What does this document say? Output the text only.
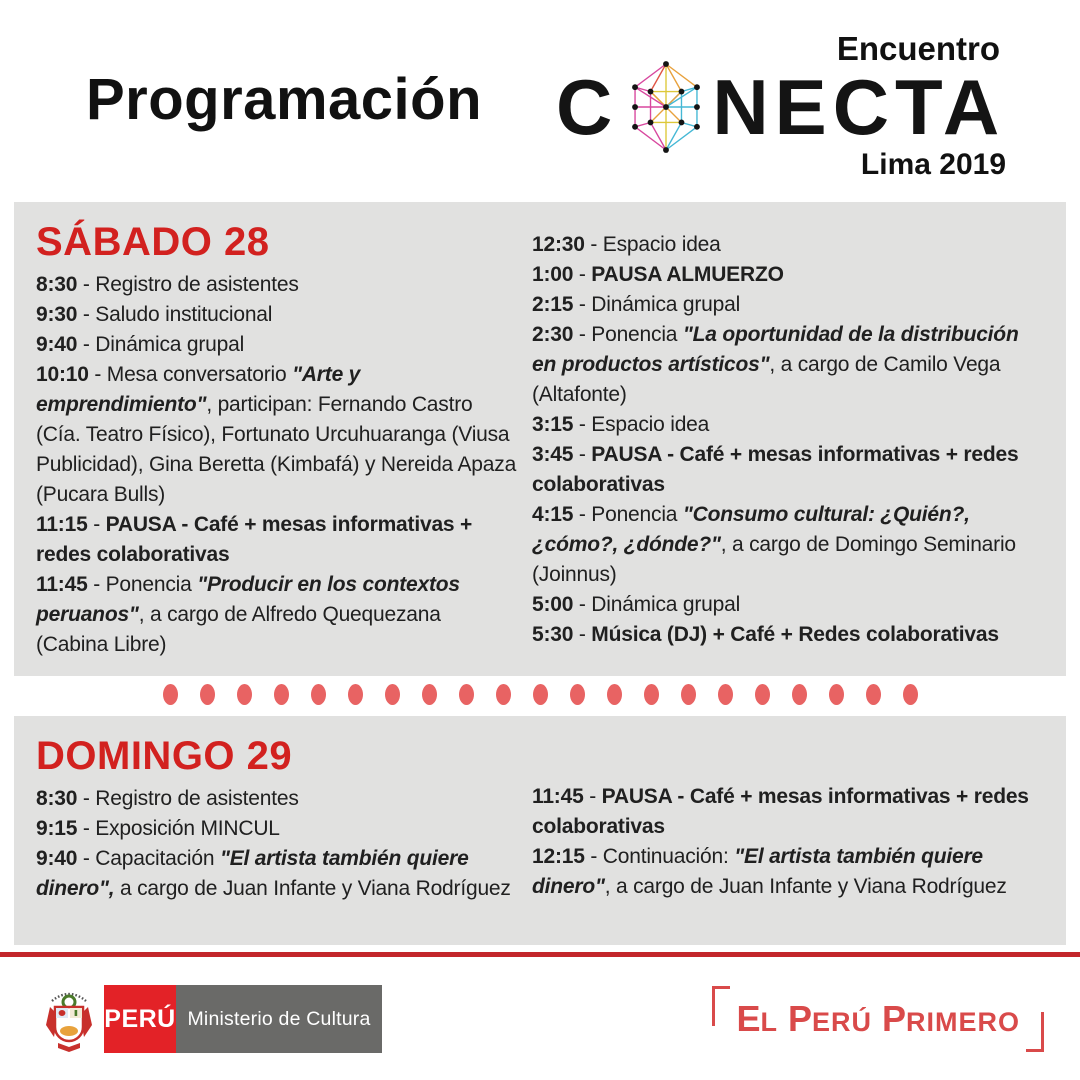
Programación
Encuentro
C NECTA
Lima 2019
SÁBADO 28

8:30 - Registro de asistentes

9:30 - Saludo institucional

9:40 - Dinámica grupal

10:10 - Mesa conversatorio "Arte y emprendimiento", participan: Fernando Castro (Cía. Teatro Físico), Fortunato Urcuhuaranga (Viusa Publicidad), Gina Beretta (Kimbafá) y Nereida Apaza (Pucara Bulls)

11:15 - PAUSA - Café + mesas informativas + redes colaborativas

11:45 - Ponencia "Producir en los contextos peruanos", a cargo de Alfredo Quequezana (Cabina Libre)

12:30 - Espacio idea

1:00 - PAUSA ALMUERZO

2:15 - Dinámica grupal

2:30 - Ponencia "La oportunidad de la distribución en productos artísticos", a cargo de Camilo Vega (Altafonte)

3:15 - Espacio idea

3:45 - PAUSA - Café + mesas informativas + redes colaborativas

4:15 - Ponencia "Consumo cultural: ¿Quién?, ¿cómo?, ¿dónde?", a cargo de Domingo Seminario (Joinnus)

5:00 - Dinámica grupal

5:30 - Música (DJ) + Café + Redes colaborativas

DOMINGO 29

8:30 - Registro de asistentes

9:15 - Exposición MINCUL

9:40 - Capacitación "El artista también quiere dinero", a cargo de Juan Infante y Viana Rodríguez

11:45 - PAUSA - Café + mesas informativas + redes colaborativas

12:15 - Continuación: "El artista también quiere dinero", a cargo de Juan Infante y Viana Rodríguez

PERÚ Ministerio de Cultura	E L P ERÚ P RIMERO
